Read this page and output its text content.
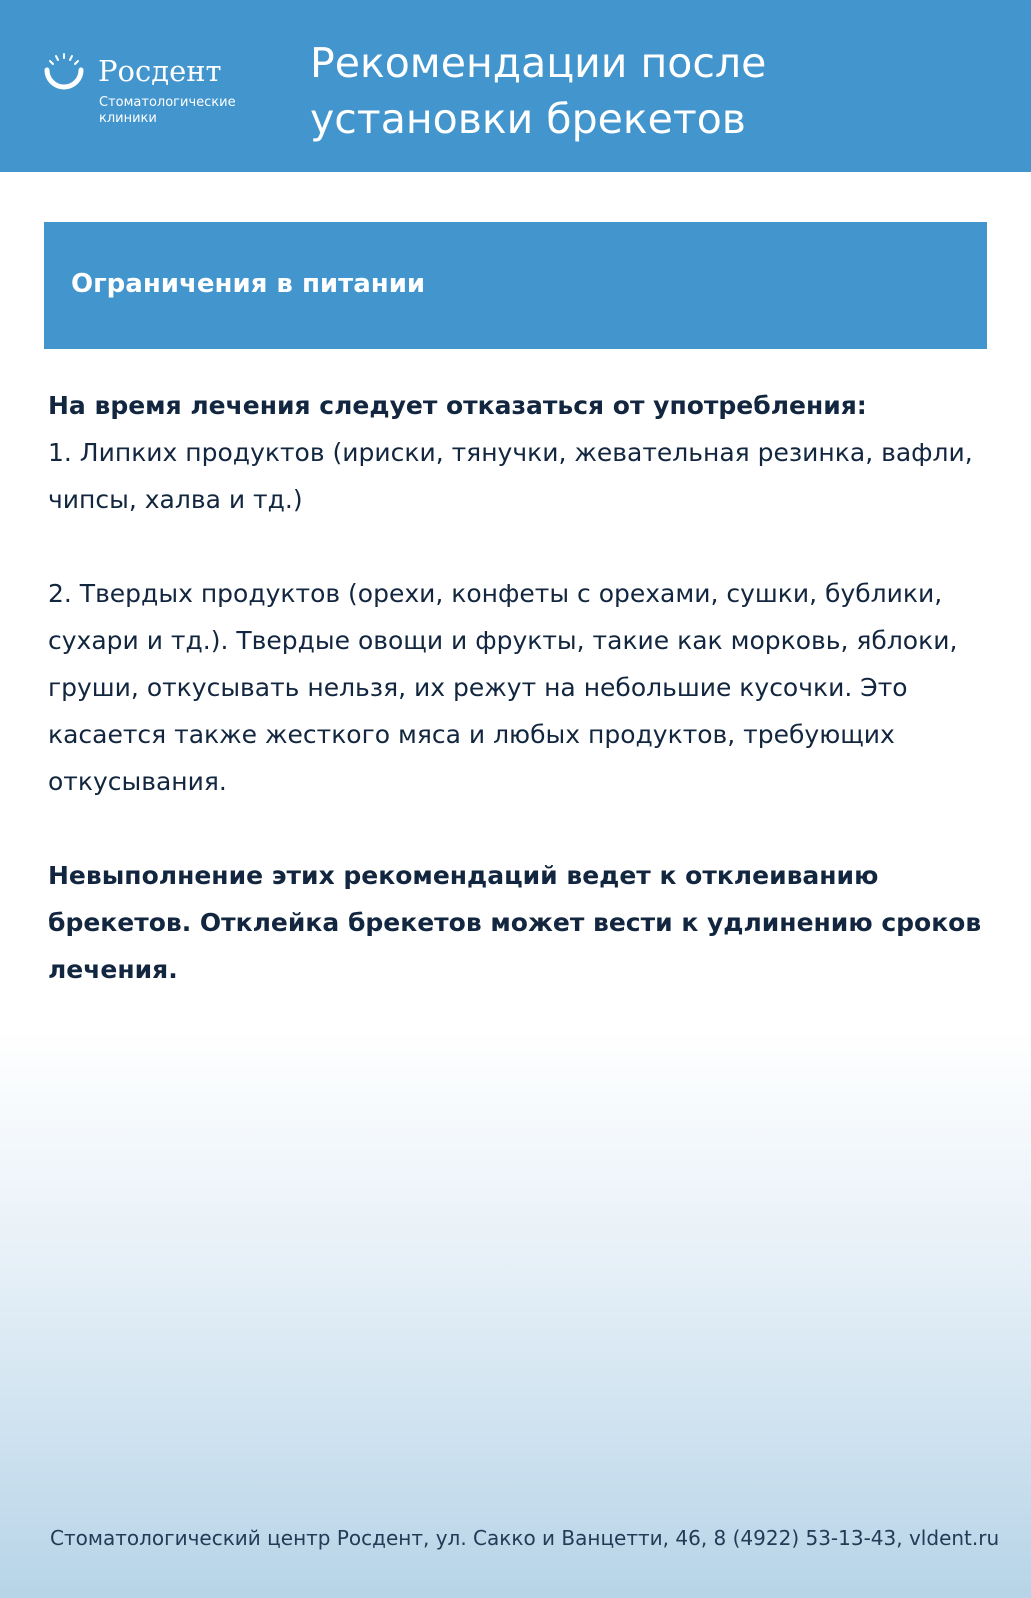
Росдент
Стоматологические клиники
Рекомендации после установки брекетов
Ограничения в питании

На время лечения следует отказаться от употребления:

1. Липких продуктов (ириски, тянучки, жевательная резинка, вафли, чипсы, халва и тд.)

2. Твердых продуктов (орехи, конфеты с орехами, сушки, бублики, сухари и тд.). Твердые овощи и фрукты, такие как морковь, яблоки, груши, откусывать нельзя, их режут на небольшие кусочки. Это касается также жесткого мяса и любых продуктов, требующих откусывания.

Невыполнение этих рекомендаций ведет к отклеиванию брекетов. Отклейка брекетов может вести к удлинению сроков лечения.

Стоматологический центр Росдент, ул. Сакко и Ванцетти, 46, 8 (4922) 53-13-43, vldent.ru
